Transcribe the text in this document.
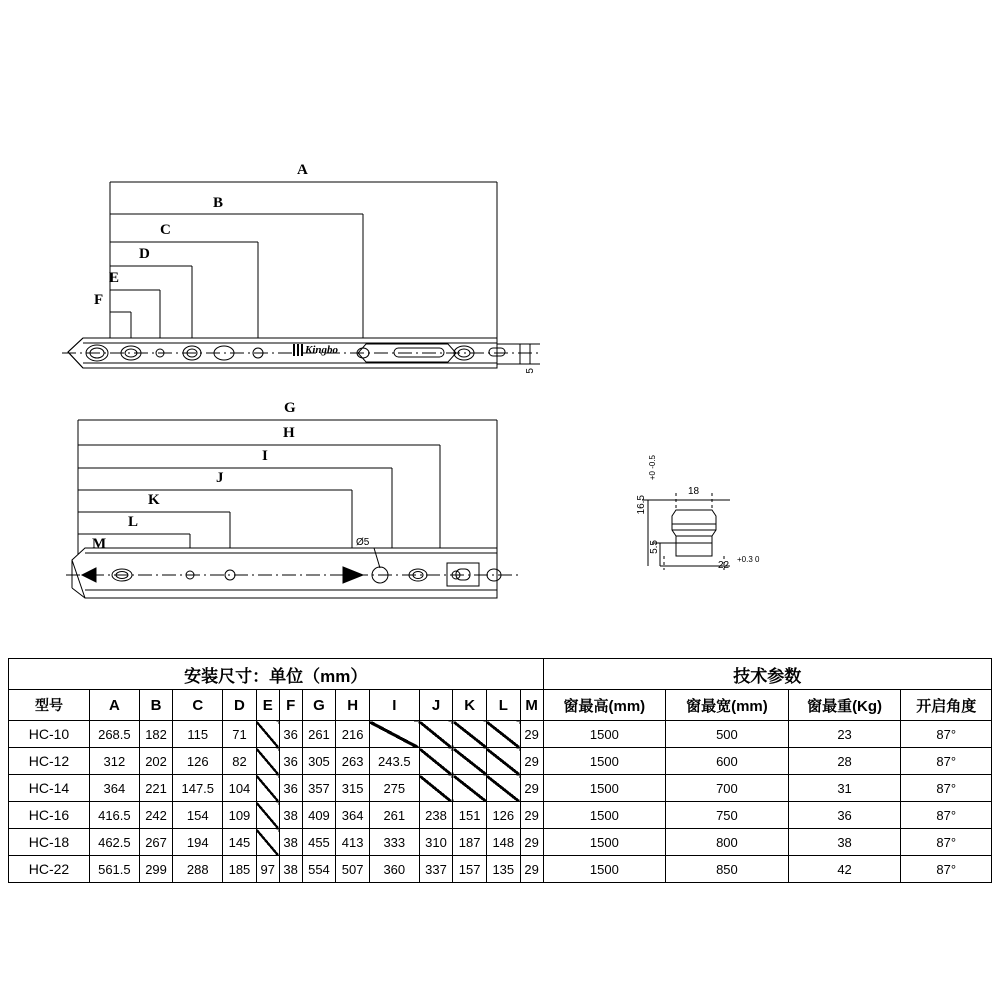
A
B
C
D
E
F
G
H
I
J
K
L
M	Ø5
5
Kingbo
18
16.5
+0 -0.5
5.5
22
+0.3 0
安装尺寸：单位（mm）														技术参数			
型号	A	B	C	D	E	F	G	H	I	J	K	L	M	窗最高(mm)	窗最宽(mm)	窗最重(Kg)	开启角度
HC-10	268.5	182	115	71		36	261	216					29	1500	500	23	87°
HC-12	312	202	126	82		36	305	263	243.5				29	1500	600	28	87°
HC-14	364	221	147.5	104		36	357	315	275				29	1500	700	31	87°
HC-16	416.5	242	154	109		38	409	364	261	238	151	126	29	1500	750	36	87°
HC-18	462.5	267	194	145		38	455	413	333	310	187	148	29	1500	800	38	87°
HC-22	561.5	299	288	185	97	38	554	507	360	337	157	135	29	1500	850	42	87°
